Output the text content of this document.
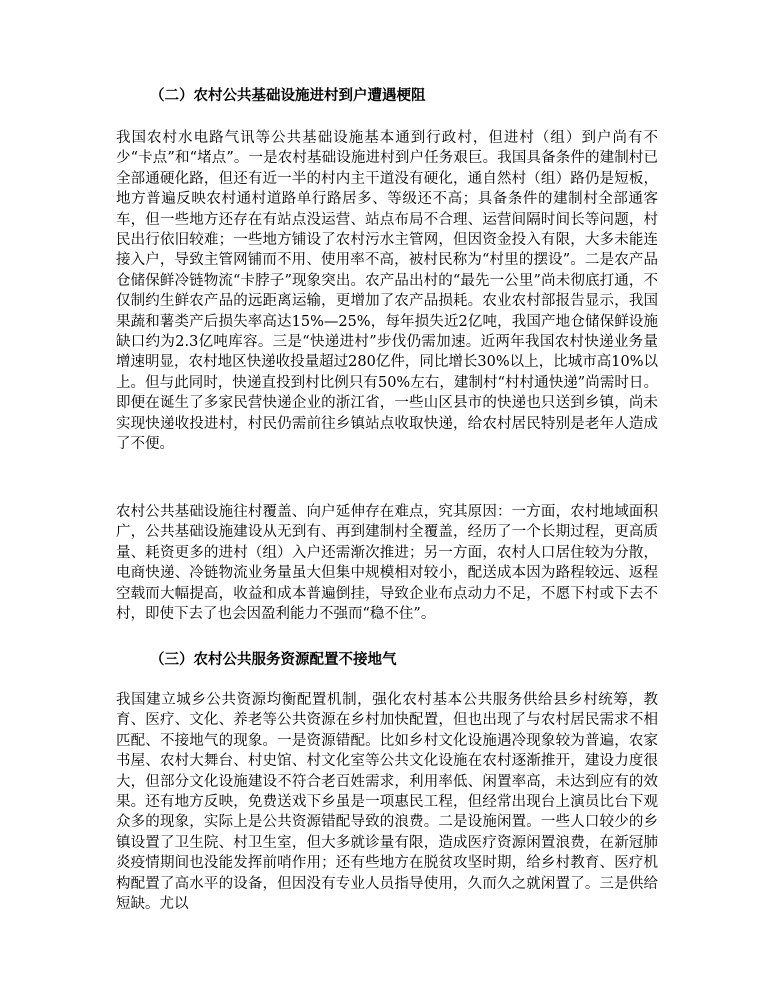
（二）农村公共基础设施进村到户遭遇梗阻

我国农村水电路气讯等公共基础设施基本通到行政村，但进村（组）到户尚有不少“卡点”和“堵点”。一是农村基础设施进村到户任务艰巨。我国具备条件的建制村已全部通硬化路，但还有近一半的村内主干道没有硬化，通自然村（组）路仍是短板，地方普遍反映农村通村道路单行路居多、等级还不高；具备条件的建制村全部通客车，但一些地方还存在有站点没运营、站点布局不合理、运营间隔时间长等问题，村民出行依旧较难；一些地方铺设了农村污水主管网，但因资金投入有限，大多未能连接入户，导致主管网铺而不用、使用率不高，被村民称为“村里的摆设”。二是农产品仓储保鲜冷链物流“卡脖子”现象突出。农产品出村的“最先一公里”尚未彻底打通，不仅制约生鲜农产品的远距离运输，更增加了农产品损耗。农业农村部报告显示，我国果蔬和薯类产后损失率高达15%—25%，每年损失近2亿吨，我国产地仓储保鲜设施缺口约为2.3亿吨库容。三是“快递进村”步伐仍需加速。近两年我国农村快递业务量增速明显，农村地区快递收投量超过280亿件，同比增长30%以上，比城市高10%以上。但与此同时，快递直投到村比例只有50%左右，建制村“村村通快递”尚需时日。即便在诞生了多家民营快递企业的浙江省，一些山区县市的快递也只送到乡镇，尚未实现快递收投进村，村民仍需前往乡镇站点收取快递，给农村居民特别是老年人造成了不便。

农村公共基础设施往村覆盖、向户延伸存在难点，究其原因：一方面，农村地域面积广，公共基础设施建设从无到有、再到建制村全覆盖，经历了一个长期过程，更高质量、耗资更多的进村（组）入户还需渐次推进；另一方面，农村人口居住较为分散，电商快递、冷链物流业务量虽大但集中规模相对较小，配送成本因为路程较远、返程空载而大幅提高，收益和成本普遍倒挂，导致企业布点动力不足，不愿下村或下去不村，即使下去了也会因盈利能力不强而“稳不住”。

（三）农村公共服务资源配置不接地气

我国建立城乡公共资源均衡配置机制，强化农村基本公共服务供给县乡村统筹，教育、医疗、文化、养老等公共资源在乡村加快配置，但也出现了与农村居民需求不相匹配、不接地气的现象。一是资源错配。比如乡村文化设施遇冷现象较为普遍，农家书屋、农村大舞台、村史馆、村文化室等公共文化设施在农村逐渐推开，建设力度很大，但部分文化设施建设不符合老百姓需求，利用率低、闲置率高，未达到应有的效果。还有地方反映，免费送戏下乡虽是一项惠民工程，但经常出现台上演员比台下观众多的现象，实际上是公共资源错配导致的浪费。二是设施闲置。一些人口较少的乡镇设置了卫生院、村卫生室，但大多就诊量有限，造成医疗资源闲置浪费，在新冠肺炎疫情期间也没能发挥前哨作用；还有些地方在脱贫攻坚时期，给乡村教育、医疗机构配置了高水平的设备，但因没有专业人员指导使用，久而久之就闲置了。三是供给短缺。尤以
